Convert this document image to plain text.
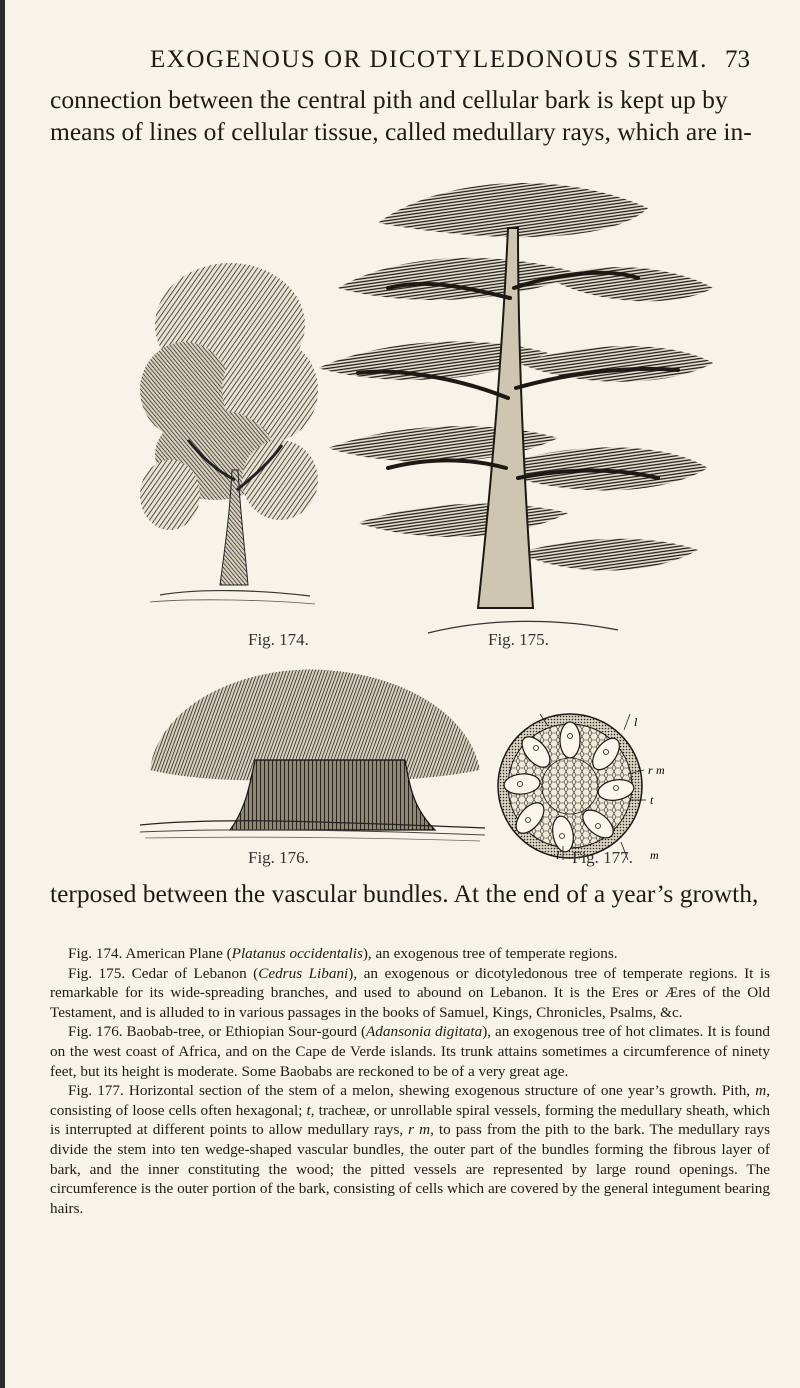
EXOGENOUS OR DICOTYLEDONOUS STEM. 73
connection between the central pith and cellular bark is kept up by
means of lines of cellular tissue, called medullary rays, which are in-
Fig. 174.	Fig. 175.
Fig. 176.
l
r m
t
l	m
Fig. 177.
terposed between the vascular bundles. At the end of a year’s growth,

Fig. 174. American Plane (Platanus occidentalis), an exogenous tree of temperate regions.

Fig. 175. Cedar of Lebanon (Cedrus Libani), an exogenous or dicotyledonous tree of temperate regions. It is remarkable for its wide-spreading branches, and used to abound on Lebanon. It is the Eres or Æres of the Old Testament, and is alluded to in various passages in the books of Samuel, Kings, Chronicles, Psalms, &c.

Fig. 176. Baobab-tree, or Ethiopian Sour-gourd (Adansonia digitata), an exogenous tree of hot climates. It is found on the west coast of Africa, and on the Cape de Verde islands. Its trunk attains sometimes a circumference of ninety feet, but its height is moderate. Some Baobabs are reckoned to be of a very great age.

Fig. 177. Horizontal section of the stem of a melon, shewing exogenous structure of one year’s growth. Pith, m, consisting of loose cells often hexagonal; t, tracheæ, or unrollable spiral vessels, forming the medullary sheath, which is interrupted at different points to allow medullary rays, r m, to pass from the pith to the bark. The medullary rays divide the stem into ten wedge-shaped vascular bundles, the outer part of the bundles forming the fibrous layer of bark, and the inner constituting the wood; the pitted vessels are represented by large round openings. The circumference is the outer portion of the bark, consisting of cells which are covered by the general integument bearing hairs.
